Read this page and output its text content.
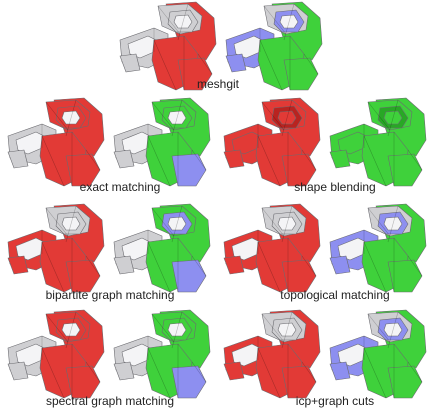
meshgit
exact matching	shape blending
bipartite graph matching	topological matching
spectral graph matching	icp+graph cuts
